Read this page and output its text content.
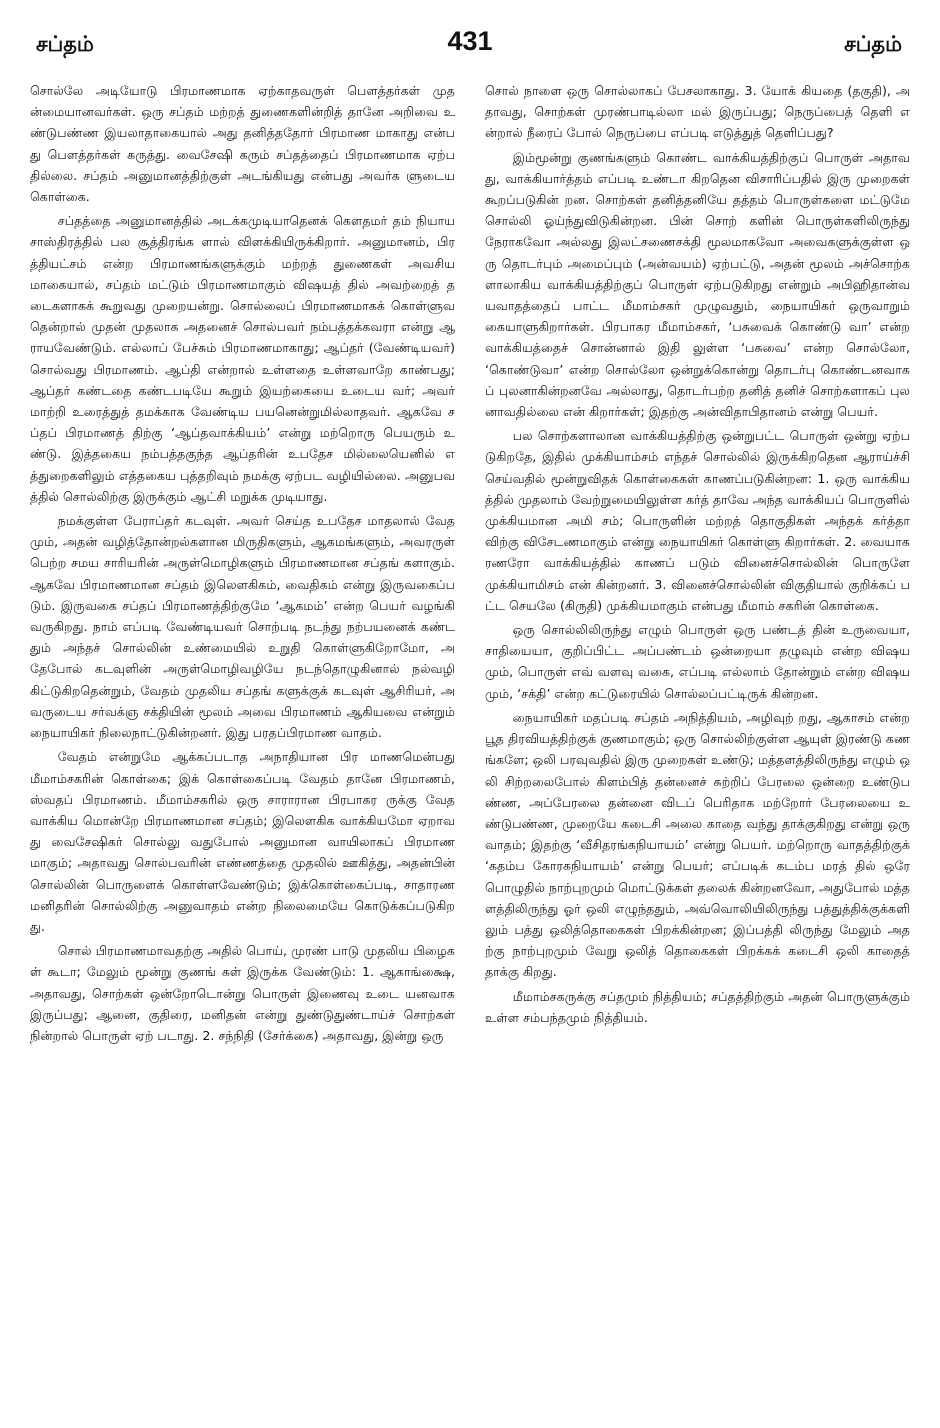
சப்தம்	431	சப்தம்

சொல்லே அடியோடு பிரமாணமாக ஏற்காதவருள் பௌத்தர்கள் முதன்மையானவர்கள். ஒரு சப்தம் மற்றத் துணைகளின்றித் தானே அறிவை உண்டுபண்ண இயலாதாகையால் அது தனித்ததோர் பிரமாண மாகாது என்பது பௌத்தர்கள் கருத்து. வைசேஷி கரும் சப்தத்தைப் பிரமாணமாக ஏற்பதில்லை. சப்தம் அனுமானத்திற்குள் அடங்கியது என்பது அவர்க ளுடைய கொள்கை.

சப்தத்தை அனுமானத்தில் அடக்கமுடியாதெனக் கௌதமர் தம் நியாய சாஸ்திரத்தில் பல சூத்திரங்க ளால் விளக்கியிருக்கிறார். அனுமானம், பிரத்தியட்சம் என்ற பிரமாணங்களுக்கும் மற்றத் துணைகள் அவசிய மாகையால், சப்தம் மட்டும் பிரமாணமாகும் விஷயத் தில் அவற்றைத் தடைகளாகக் கூறுவது முறையன்று. சொல்லைப் பிரமாணமாகக் கொள்ளுவதென்றால் முதன் முதலாக அதனைச் சொல்பவர் நம்பத்தக்கவரா என்று ஆராயவேண்டும். எல்லாப் பேச்சும் பிரமாணமாகாது; ஆப்தர் (வேண்டியவர்) சொல்வது பிரமாணம். ஆப்தி என்றால் உள்ளதை உள்ளவாறே காண்பது; ஆப்தர் கண்டதை கண்டபடியே கூறும் இயற்கையை உடைய வர்; அவர் மாற்றி உரைத்துத் தமக்காக வேண்டிய பயனென்றுமில்லாதவர். ஆகவே சப்தப் பிரமாணத் திற்கு ‘ஆப்தவாக்கியம்’ என்று மற்றொரு பெயரும் உண்டு. இத்தகைய நம்பத்தகுந்த ஆப்தரின் உபதேச மில்லையெனில் எத்துறைகளிலும் எத்தகைய புத்தறிவும் நமக்கு ஏற்பட வழியில்லை. அனுபவத்தில் சொல்லிற்கு இருக்கும் ஆட்சி மறுக்க முடியாது.

நமக்குள்ள பேராப்தர் கடவுள். அவர் செய்த உபதேச மாதலால் வேதமும், அதன் வழித்தோன்றல்களான மிருதிகளும், ஆகமங்களும், அவரருள் பெற்ற சமய சாரியரின் அருள்மொழிகளும் பிரமாணமான சப்தங் களாகும். ஆகவே பிரமாணமான சப்தம் இலௌகிகம், வைதிகம் என்று இருவகைப்படும். இருவகை சப்தப் பிரமாணத்திற்குமே ‘ஆகமம்’ என்ற பெயர் வழங்கி வருகிறது. நாம் எப்படி வேண்டியவர் சொற்படி நடந்து நற்பயனைக் கண்டதும் அந்தச் சொல்லின் உண்மையில் உறுதி கொள்ளுகிறோமோ, அதேபோல் கடவுளின் அருள்மொழிவழியே நடந்தொழுகினால் நல்வழி கிட்டுகிறதென்றும், வேதம் முதலிய சப்தங் களுக்குக் கடவுள் ஆசிரியர், அவருடைய சர்வக்ஞ சக்தியின் மூலம் அவை பிரமாணம் ஆகியவை என்றும் நையாயிகர் நிலைநாட்டுகின்றனர். இது பரதப்பிரமாண வாதம்.

வேதம் என்றுமே ஆக்கப்படாத அநாதியான பிர மாணமென்பது மீமாம்சகரின் கொள்கை; இக் கொள்கைப்படி வேதம் தானே பிரமாணம், ஸ்வதப் பிரமாணம். மீமாம்சகரில் ஒரு சாராரான பிரபாகர ருக்கு வேதவாக்கிய மொன்றே பிரமாணமான சப்தம்; இலௌகிக வாக்கியமோ ஏறாவது வைசேஷிகர் சொல்லு வதுபோல் அனுமான வாயிலாகப் பிரமாணமாகும்; அதாவது சொல்பவரின் எண்ணத்தை முதலில் ஊகித்து, அதன்பின் சொல்லின் பொருளைக் கொள்ளவேண்டும்; இக்கொள்கைப்படி, சாதாரண மனிதரின் சொல்லிற்கு அனுவாதம் என்ற நிலைமையே கொடுக்கப்படுகிறது.

சொல் பிரமாணமாவதற்கு அதில் பொய், முரண் பாடு முதலிய பிழைகள் கூடா; மேலும் மூன்று குணங் கள் இருக்க வேண்டும்: 1. ஆகாங்க்ஷை, அதாவது, சொற்கள் ஒன்றோடொன்று பொருள் இணைவு உடை யனவாக இருப்பது; ஆனை, குதிரை, மனிதன் என்று துண்டுதுண்டாய்ச் சொற்கள் நின்றால் பொருள் ஏற் படாது. 2. சந்நிதி (சேர்க்கை) அதாவது, இன்று ஒரு

சொல் நாளை ஒரு சொல்லாகப் பேசலாகாது. 3. யோக் கியதை (தகுதி), அதாவது, சொற்கள் முரண்பாடில்லா மல் இருப்பது; நெருப்பைத் தெளி என்றால் நீரைப் போல் நெருப்பை எப்படி எடுத்துத் தெளிப்பது?

இம்மூன்று குணங்களும் கொண்ட வாக்கியத்திற்குப் பொருள் அதாவது, வாக்கியார்த்தம் எப்படி உண்டா கிறதென விசாரிப்பதில் இரு முறைகள் கூறப்படுகின் றன. சொற்கள் தனித்தனியே தத்தம் பொருள்களை மட்டுமே சொல்லி ஓய்ந்துவிடுகின்றன. பின் சொற் களின் பொருள்களிலிருந்து நேராகவோ அல்லது இலட்சணைசக்தி மூலமாகவோ அவைகளுக்குள்ள ஒரு தொடர்பும் அமைப்பும் (அன்வயம்) ஏற்பட்டு, அதன் மூலம் அச்சொற்களாலாகிய வாக்கியத்திற்குப் பொருள் ஏற்படுகிறது என்றும் அபிஹிதான்வயவாதத்தைப் பாட்ட மீமாம்சகர் முழுவதும், நையாயிகர் ஒருவாறும் கையாளுகிறார்கள். பிரபாகர மீமாம்சகர், ‘பசுவைக் கொண்டு வா’ என்ற வாக்கியத்தைச் சொன்னால் இதி லுள்ள ‘பசுவை’ என்ற சொல்லோ, ‘கொண்டுவா’ என்ற சொல்லோ ஒன்றுக்கொன்று தொடர்பு கொண்டனவாகப் புலனாகின்றனவே அல்லாது, தொடர்பற்ற தனித் தனிச் சொற்களாகப் புலனாவதில்லை என் கிறார்கள்; இதற்கு அன்விதாபிதானம் என்று பெயர்.

பல சொற்களாலான வாக்கியத்திற்கு ஒன்றுபட்ட பொருள் ஒன்று ஏற்படுகிறதே, இதில் முக்கியாம்சம் எந்தச் சொல்லில் இருக்கிறதென ஆராய்ச்சி செய்வதில் மூன்றுவிதக் கொள்கைகள் காணப்படுகின்றன: 1. ஒரு வாக்கியத்தில் முதலாம் வேற்றுமையிலுள்ள கர்த் தாவே அந்த வாக்கியப் பொருளில் முக்கியமான அமி சம்; பொருளின் மற்றத் தொகுதிகள் அந்தக் கர்த்தா விற்கு விசேடணமாகும் என்று நையாயிகர் கொள்ளு கிறார்கள். 2. வையாகரணரோ வாக்கியத்தில் காணப் படும் வினைச்சொல்லின் பொருளே முக்கியாமிசம் என் கின்றனர். 3. வினைச்சொல்லின் விகுதியால் குறிக்கப் பட்ட செயலே (கிருதி) முக்கியமாகும் என்பது மீமாம் சகரின் கொள்கை.

ஒரு சொல்லிலிருந்து எழும் பொருள் ஒரு பண்டத் தின் உருவையா, சாதியையா, குறிப்பிட்ட அப்பண்டம் ஒன்றையா தழுவும் என்ற விஷயமும், பொருள் எவ் வளவு வகை, எப்படி எல்லாம் தோன்றும் என்ற விஷய மும், ‘சக்தி’ என்ற கட்டுரையில் சொல்லப்பட்டிருக் கின்றன.

நையாயிகர் மதப்படி சப்தம் அநித்தியம், அழிவுற் றது, ஆகாசம் என்ற பூத திரவியத்திற்குக் குணமாகும்; ஒரு சொல்லிற்குள்ள ஆயுள் இரண்டு கணங்களே; ஒலி பரவுவதில் இரு முறைகள் உண்டு; மத்தளத்திலிருந்து எழும் ஒலி சிற்றலைபோல் கிளம்பித் தன்னைச் சுற்றிப் பேரலை ஒன்றை உண்டுபண்ண, அப்பேரலை தன்னை விடப் பெரிதாக மற்றோர் பேரலையை உண்டுபண்ண, முறையே கடைசி அலை காதை வந்து தாக்குகிறது என்று ஒரு வாதம்; இதற்கு ‘வீசிதரங்கநியாயம்’ என்று பெயர். மற்றொரு வாதத்திற்குக் ‘கதம்ப கோரகநியாயம்’ என்று பெயர்; எப்படிக் கடம்ப மரத் தில் ஒரே பொழுதில் நாற்புறமும் மொட்டுக்கள் தலைக் கின்றனவோ, அதுபோல் மத்தளத்திலிருந்து ஓர் ஒலி எழுந்ததும், அவ்வொலியிலிருந்து பத்துத்திக்குக்களி லும் பத்து ஒலித்தொகைகள் பிறக்கின்றன; இப்பத்தி லிருந்து மேலும் அதற்கு நாற்புறமும் வேறு ஒலித் தொகைகள் பிறக்கக் கடைசி ஒலி காதைத் தாக்கு கிறது.

மீமாம்சகருக்கு சப்தமும் நித்தியம்; சப்தத்திற்கும் அதன் பொருளுக்கும் உள்ள சம்பந்தமும் நித்தியம்.
